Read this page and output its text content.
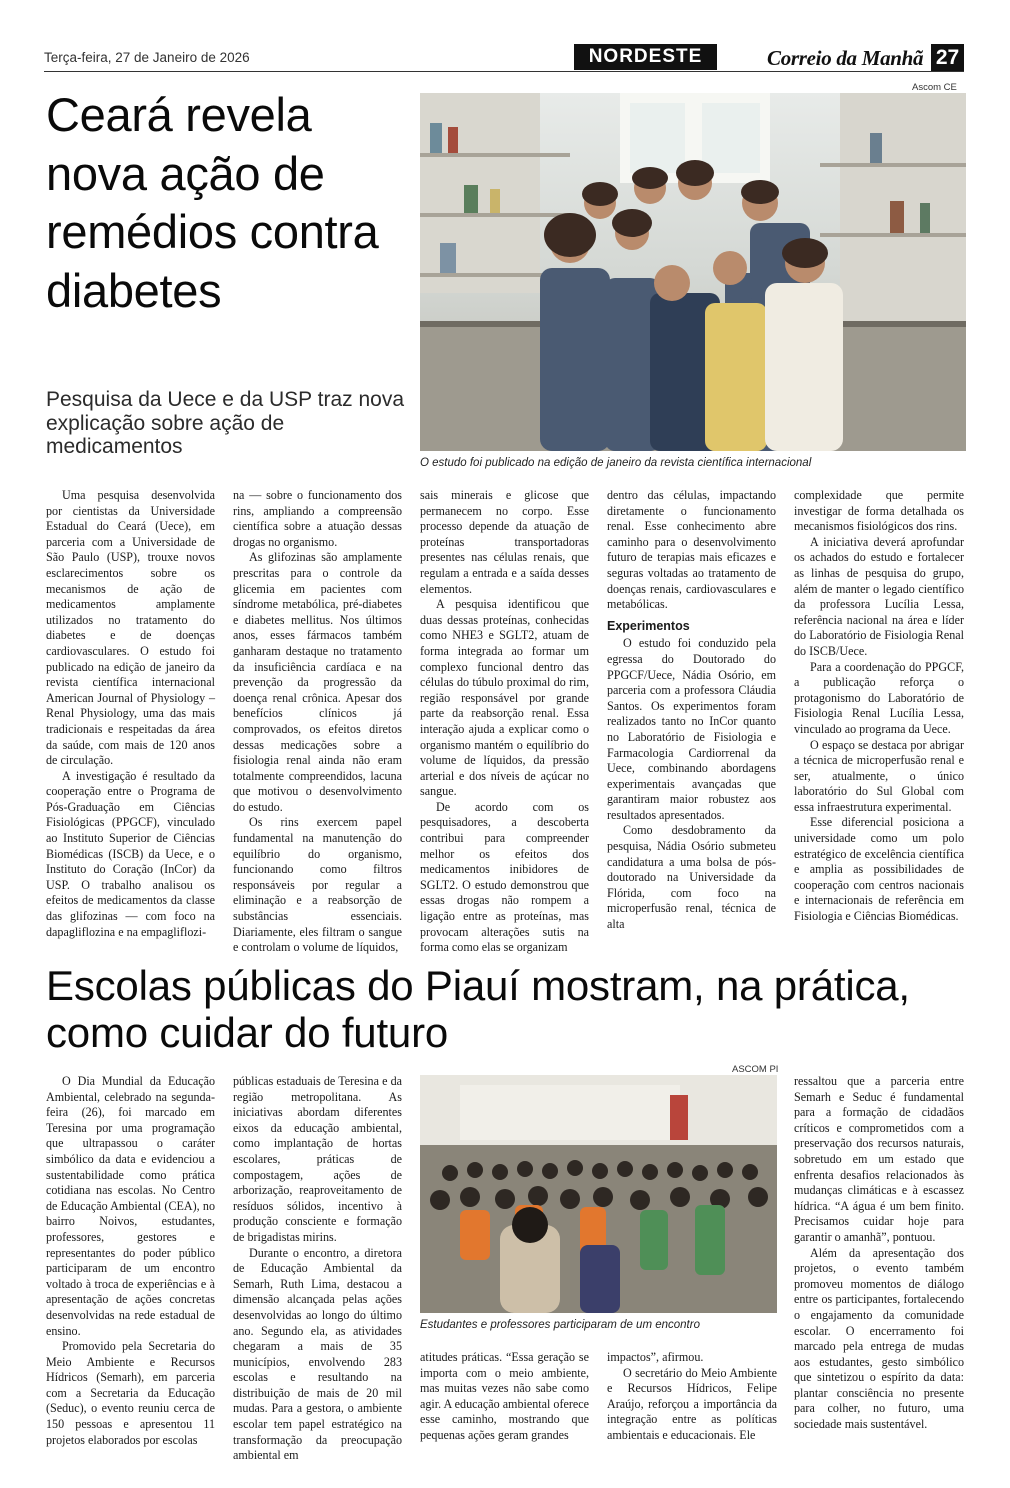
Terça-feira, 27 de Janeiro de 2026	NORDESTE	Correio da Manhã 27
Ceará revela nova ação de remédios contra diabetes
Pesquisa da Uece e da USP traz nova explicação sobre ação de medicamentos
Ascom CE
O estudo foi publicado na edição de janeiro da revista científica internacional

Uma pesquisa desenvolvida por cientistas da Universidade Estadual do Ceará (Uece), em parceria com a Universidade de São Paulo (USP), trouxe novos esclarecimentos sobre os mecanismos de ação de medicamentos amplamente utilizados no tratamento do diabetes e de doenças cardiovasculares. O estudo foi publicado na edição de janeiro da revista científica internacional American Journal of Physiology – Renal Physiology, uma das mais tradicionais e respeitadas da área da saúde, com mais de 120 anos de circulação.

A investigação é resultado da cooperação entre o Programa de Pós-Graduação em Ciências Fisiológicas (PPGCF), vinculado ao Instituto Superior de Ciências Biomédicas (ISCB) da Uece, e o Instituto do Coração (InCor) da USP. O trabalho analisou os efeitos de medicamentos da classe das glifozinas — com foco na dapagliflozina e na empagliflozi-

na — sobre o funcionamento dos rins, ampliando a compreensão científica sobre a atuação dessas drogas no organismo.

As glifozinas são amplamente prescritas para o controle da glicemia em pacientes com síndrome metabólica, pré-diabetes e diabetes mellitus. Nos últimos anos, esses fármacos também ganharam destaque no tratamento da insuficiência cardíaca e na prevenção da progressão da doença renal crônica. Apesar dos benefícios clínicos já comprovados, os efeitos diretos dessas medicações sobre a fisiologia renal ainda não eram totalmente compreendidos, lacuna que motivou o desenvolvimento do estudo.

Os rins exercem papel fundamental na manutenção do equilíbrio do organismo, funcionando como filtros responsáveis por regular a eliminação e a reabsorção de substâncias essenciais. Diariamente, eles filtram o sangue e controlam o volume de líquidos,

sais minerais e glicose que permanecem no corpo. Esse processo depende da atuação de proteínas transportadoras presentes nas células renais, que regulam a entrada e a saída desses elementos.

A pesquisa identificou que duas dessas proteínas, conhecidas como NHE3 e SGLT2, atuam de forma integrada ao formar um complexo funcional dentro das células do túbulo proximal do rim, região responsável por grande parte da reabsorção renal. Essa interação ajuda a explicar como o organismo mantém o equilíbrio do volume de líquidos, da pressão arterial e dos níveis de açúcar no sangue.

De acordo com os pesquisadores, a descoberta contribui para compreender melhor os efeitos dos medicamentos inibidores de SGLT2. O estudo demonstrou que essas drogas não rompem a ligação entre as proteínas, mas provocam alterações sutis na forma como elas se organizam

dentro das células, impactando diretamente o funcionamento renal. Esse conhecimento abre caminho para o desenvolvimento futuro de terapias mais eficazes e seguras voltadas ao tratamento de doenças renais, cardiovasculares e metabólicas.

Experimentos

O estudo foi conduzido pela egressa do Doutorado do PPGCF/Uece, Nádia Osório, em parceria com a professora Cláudia Santos. Os experimentos foram realizados tanto no InCor quanto no Laboratório de Fisiologia e Farmacologia Cardiorrenal da Uece, combinando abordagens experimentais avançadas que garantiram maior robustez aos resultados apresentados.

Como desdobramento da pesquisa, Nádia Osório submeteu candidatura a uma bolsa de pós-doutorado na Universidade da Flórida, com foco na microperfusão renal, técnica de alta

complexidade que permite investigar de forma detalhada os mecanismos fisiológicos dos rins.

A iniciativa deverá aprofundar os achados do estudo e fortalecer as linhas de pesquisa do grupo, além de manter o legado científico da professora Lucília Lessa, referência nacional na área e líder do Laboratório de Fisiologia Renal do ISCB/Uece.

Para a coordenação do PPGCF, a publicação reforça o protagonismo do Laboratório de Fisiologia Renal Lucília Lessa, vinculado ao programa da Uece.

O espaço se destaca por abrigar a técnica de microperfusão renal e ser, atualmente, o único laboratório do Sul Global com essa infraestrutura experimental.

Esse diferencial posiciona a universidade como um polo estratégico de excelência científica e amplia as possibilidades de cooperação com centros nacionais e internacionais de referência em Fisiologia e Ciências Biomédicas.

Escolas públicas do Piauí mostram, na prática, como cuidar do futuro
ASCOM PI
Estudantes e professores participaram de um encontro

O Dia Mundial da Educação Ambiental, celebrado na segunda-feira (26), foi marcado em Teresina por uma programação que ultrapassou o caráter simbólico da data e evidenciou a sustentabilidade como prática cotidiana nas escolas. No Centro de Educação Ambiental (CEA), no bairro Noivos, estudantes, professores, gestores e representantes do poder público participaram de um encontro voltado à troca de experiências e à apresentação de ações concretas desenvolvidas na rede estadual de ensino.

Promovido pela Secretaria do Meio Ambiente e Recursos Hídricos (Semarh), em parceria com a Secretaria da Educação (Seduc), o evento reuniu cerca de 150 pessoas e apresentou 11 projetos elaborados por escolas

públicas estaduais de Teresina e da região metropolitana. As iniciativas abordam diferentes eixos da educação ambiental, como implantação de hortas escolares, práticas de compostagem, ações de arborização, reaproveitamento de resíduos sólidos, incentivo à produção consciente e formação de brigadistas mirins.

Durante o encontro, a diretora de Educação Ambiental da Semarh, Ruth Lima, destacou a dimensão alcançada pelas ações desenvolvidas ao longo do último ano. Segundo ela, as atividades chegaram a mais de 35 municípios, envolvendo 283 escolas e resultando na distribuição de mais de 20 mil mudas. Para a gestora, o ambiente escolar tem papel estratégico na transformação da preocupação ambiental em

atitudes práticas. “Essa geração se importa com o meio ambiente, mas muitas vezes não sabe como agir. A educação ambiental oferece esse caminho, mostrando que pequenas ações geram grandes

impactos”, afirmou.

O secretário do Meio Ambiente e Recursos Hídricos, Felipe Araújo, reforçou a importância da integração entre as políticas ambientais e educacionais. Ele

ressaltou que a parceria entre Semarh e Seduc é fundamental para a formação de cidadãos críticos e comprometidos com a preservação dos recursos naturais, sobretudo em um estado que enfrenta desafios relacionados às mudanças climáticas e à escassez hídrica. “A água é um bem finito. Precisamos cuidar hoje para garantir o amanhã”, pontuou.

Além da apresentação dos projetos, o evento também promoveu momentos de diálogo entre os participantes, fortalecendo o engajamento da comunidade escolar. O encerramento foi marcado pela entrega de mudas aos estudantes, gesto simbólico que sintetizou o espírito da data: plantar consciência no presente para colher, no futuro, uma sociedade mais sustentável.
